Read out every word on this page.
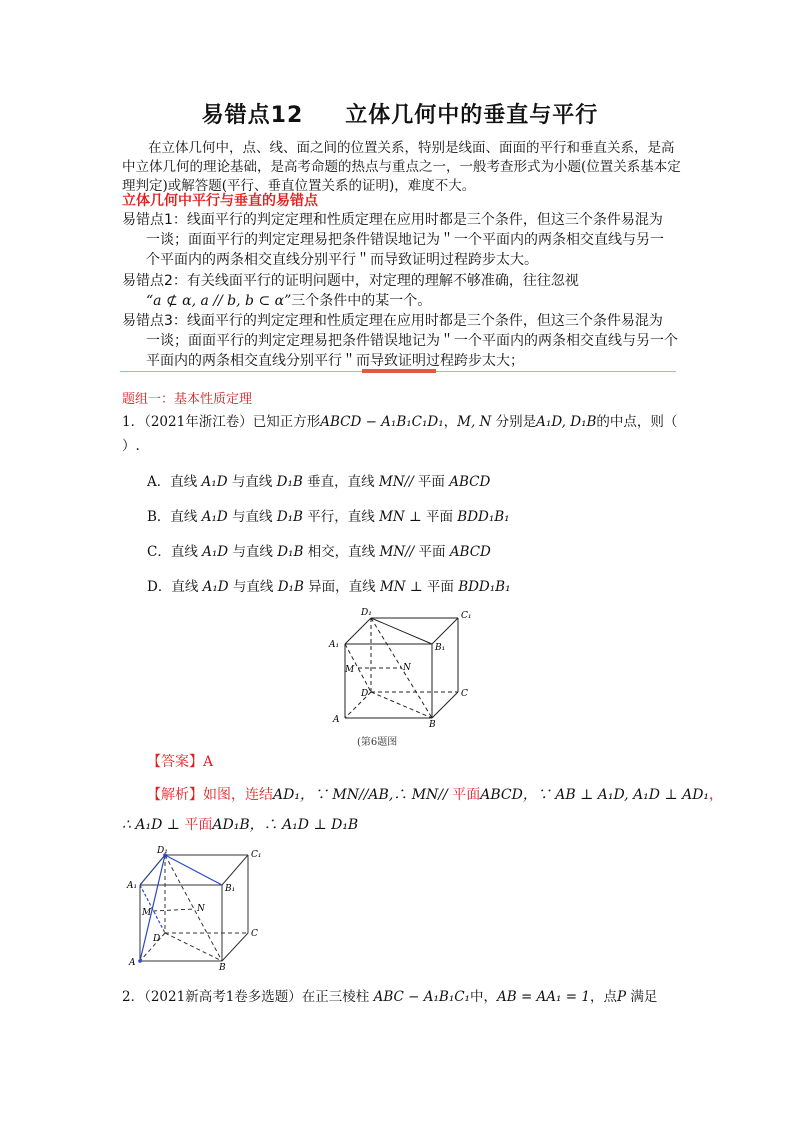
易错点12 立体几何中的垂直与平行
在立体几何中，点、线、面之间的位置关系，特别是线面、面面的平行和垂直关系，是高中立体几何的理论基础，是高考命题的热点与重点之一，一般考查形式为小题(位置关系基本定理判定)或解答题(平行、垂直位置关系的证明)，难度不大。
立体几何中平行与垂直的易错点
易错点1：线面平行的判定定理和性质定理在应用时都是三个条件，但这三个条件易混为
一谈；面面平行的判定定理易把条件错误地记为＂一个平面内的两条相交直线与另一
个平面内的两条相交直线分别平行＂而导致证明过程跨步太大。
易错点2：有关线面平行的证明问题中，对定理的理解不够准确，往往忽视
“a ⊄ α, a // b, b ⊂ α”三个条件中的某一个。
易错点3：线面平行的判定定理和性质定理在应用时都是三个条件，但这三个条件易混为
一谈；面面平行的判定定理易把条件错误地记为＂一个平面内的两条相交直线与另一个
平面内的两条相交直线分别平行＂而导致证明过程跨步太大；
题组一：基本性质定理
1．（2021年浙江卷）已知正方形ABCD − A₁B₁C₁D₁，M, N 分别是A₁D, D₁B的中点，则（
）.
A．直线 A₁D 与直线 D₁B 垂直，直线 MN// 平面 ABCD
B．直线 A₁D 与直线 D₁B 平行，直线 MN ⊥ 平面 BDD₁B₁
C．直线 A₁D 与直线 D₁B 相交，直线 MN// 平面 ABCD
D．直线 A₁D 与直线 D₁B 异面，直线 MN ⊥ 平面 BDD₁B₁
D₁	C₁
A₁	B₁
M	N
D	C
A	B
(第6题图
【答案】A
【解析】如图，连结AD₁，∵ MN//AB,∴ MN// 平面ABCD，∵ AB ⊥ A₁D, A₁D ⊥ AD₁，
∴ A₁D ⊥ 平面AD₁B，∴ A₁D ⊥ D₁B
D₁	C₁
A₁	B₁
M	N
D	C
A	B
2．（2021新高考1卷多选题）在正三棱柱 ABC − A₁B₁C₁中，AB = AA₁ = 1，点P 满足
